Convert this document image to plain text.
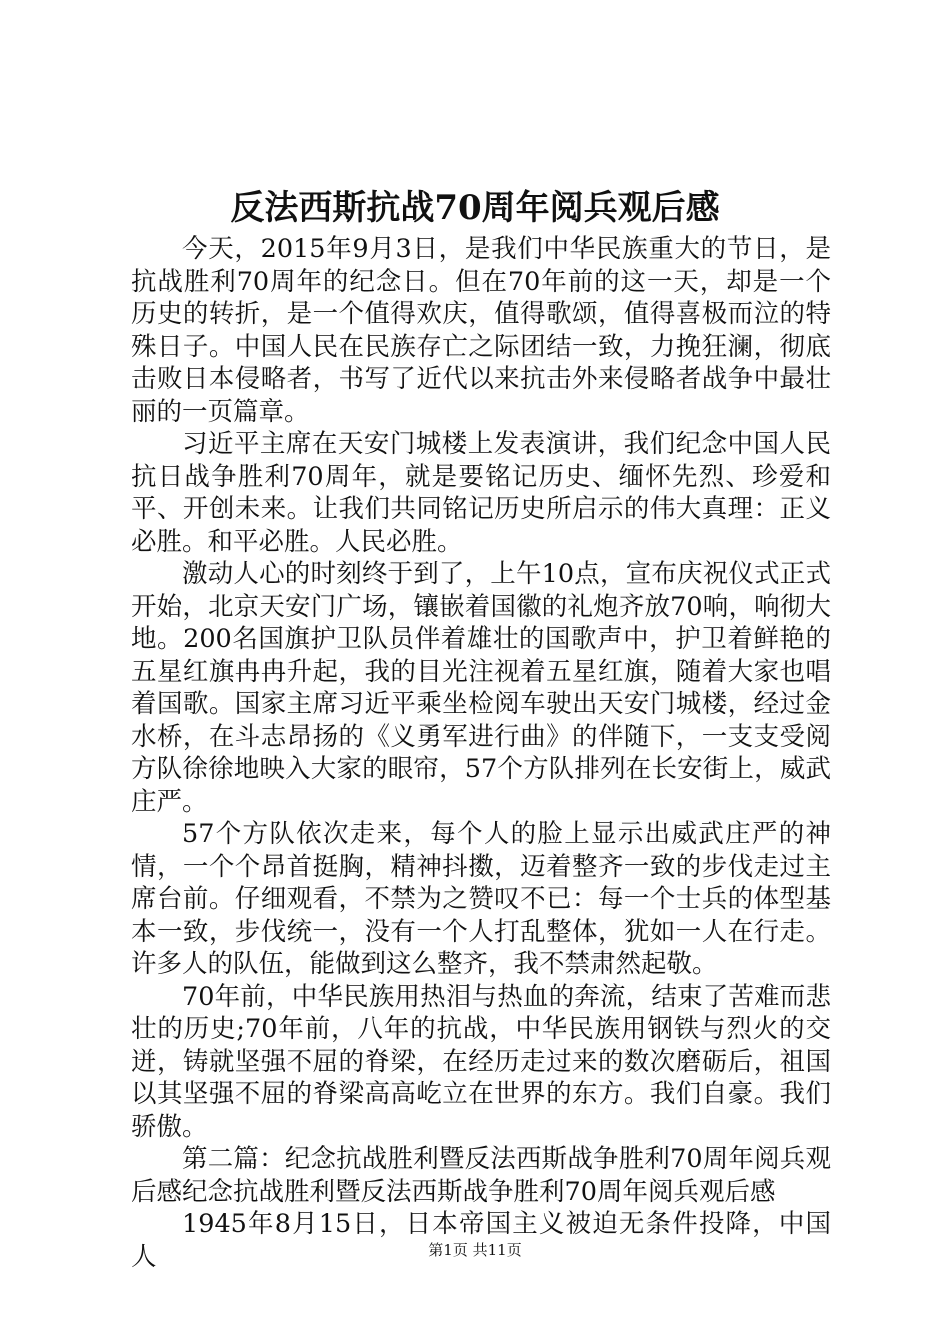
反法西斯抗战70周年阅兵观后感

今天，2015年9月3日，是我们中华民族重大的节日，是抗战胜利70周年的纪念日。但在70年前的这一天，却是一个历史的转折，是一个值得欢庆，值得歌颂，值得喜极而泣的特殊日子。中国人民在民族存亡之际团结一致，力挽狂澜，彻底击败日本侵略者，书写了近代以来抗击外来侵略者战争中最壮丽的一页篇章。

习近平主席在天安门城楼上发表演讲，我们纪念中国人民抗日战争胜利70周年，就是要铭记历史、缅怀先烈、珍爱和平、开创未来。让我们共同铭记历史所启示的伟大真理：正义必胜。和平必胜。人民必胜。

激动人心的时刻终于到了，上午10点，宣布庆祝仪式正式开始，北京天安门广场，镶嵌着国徽的礼炮齐放70响，响彻大地。200名国旗护卫队员伴着雄壮的国歌声中，护卫着鲜艳的五星红旗冉冉升起，我的目光注视着五星红旗，随着大家也唱着国歌。国家主席习近平乘坐检阅车驶出天安门城楼，经过金水桥，在斗志昂扬的《义勇军进行曲》的伴随下，一支支受阅方队徐徐地映入大家的眼帘，57个方队排列在长安街上，威武庄严。

57个方队依次走来，每个人的脸上显示出威武庄严的神情，一个个昂首挺胸，精神抖擞，迈着整齐一致的步伐走过主席台前。仔细观看，不禁为之赞叹不已：每一个士兵的体型基本一致，步伐统一，没有一个人打乱整体，犹如一人在行走。许多人的队伍，能做到这么整齐，我不禁肃然起敬。

70年前，中华民族用热泪与热血的奔流，结束了苦难而悲壮的历史;70年前，八年的抗战，中华民族用钢铁与烈火的交迸，铸就坚强不屈的脊梁，在经历走过来的数次磨砺后，祖国以其坚强不屈的脊梁高高屹立在世界的东方。我们自豪。我们骄傲。

第二篇：纪念抗战胜利暨反法西斯战争胜利70周年阅兵观后感纪念抗战胜利暨反法西斯战争胜利70周年阅兵观后感

1945年8月15日，日本帝国主义被迫无条件投降，中国人	第1页 共11页
